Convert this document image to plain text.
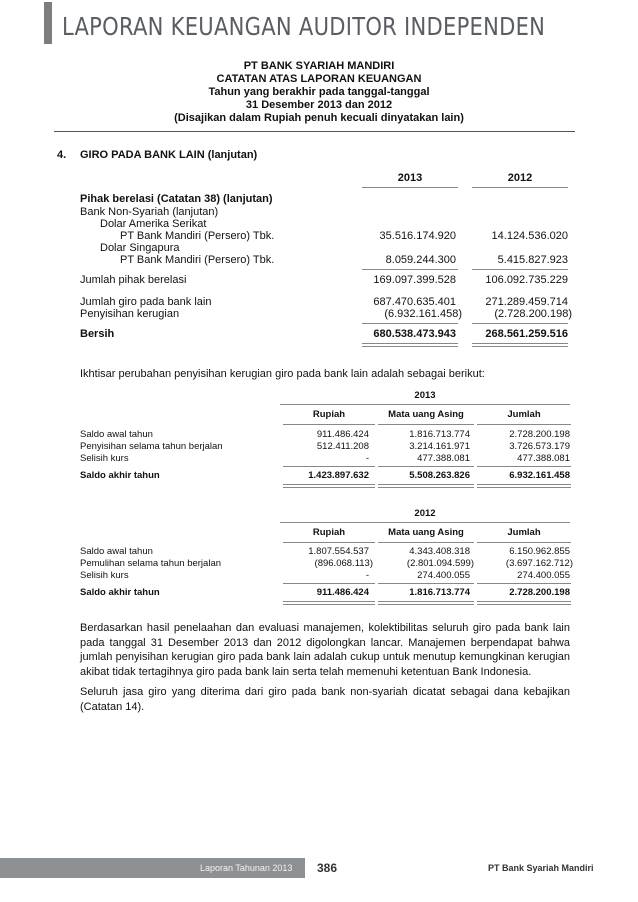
LAPORAN KEUANGAN AUDITOR INDEPENDEN
PT BANK SYARIAH MANDIRI
CATATAN ATAS LAPORAN KEUANGAN
Tahun yang berakhir pada tanggal-tanggal
31 Desember 2013 dan 2012
(Disajikan dalam Rupiah penuh kecuali dinyatakan lain)
4. GIRO PADA BANK LAIN (lanjutan)
2013	2012
Pihak berelasi (Catatan 38) (lanjutan)
Bank Non-Syariah (lanjutan)
Dolar Amerika Serikat
PT Bank Mandiri (Persero) Tbk.	35.516.174.920	14.124.536.020
Dolar Singapura
PT Bank Mandiri (Persero) Tbk.	8.059.244.300	5.415.827.923
Jumlah pihak berelasi	169.097.399.528	106.092.735.229
Jumlah giro pada bank lain	687.470.635.401	271.289.459.714
Penyisihan kerugian	(6.932.161.458)	(2.728.200.198)
Bersih	680.538.473.943	268.561.259.516
Ikhtisar perubahan penyisihan kerugian giro pada bank lain adalah sebagai berikut:
2013
Rupiah	Mata uang Asing	Jumlah
Saldo awal tahun	911.486.424	1.816.713.774	2.728.200.198
Penyisihan selama tahun berjalan	512.411.208	3.214.161.971	3.726.573.179
Selisih kurs	-	477.388.081	477.388.081
Saldo akhir tahun	1.423.897.632	5.508.263.826	6.932.161.458
2012
Rupiah	Mata uang Asing	Jumlah
Saldo awal tahun	1.807.554.537	4.343.408.318	6.150.962.855
Pemulihan selama tahun berjalan	(896.068.113)	(2.801.094.599)	(3.697.162.712)
Selisih kurs	-	274.400.055	274.400.055
Saldo akhir tahun	911.486.424	1.816.713.774	2.728.200.198
Berdasarkan hasil penelaahan dan evaluasi manajemen, kolektibilitas seluruh giro pada bank lain pada tanggal 31 Desember 2013 dan 2012 digolongkan lancar. Manajemen berpendapat bahwa jumlah penyisihan kerugian giro pada bank lain adalah cukup untuk menutup kemungkinan kerugian akibat tidak tertagihnya giro pada bank lain serta telah memenuhi ketentuan Bank Indonesia.
Seluruh jasa giro yang diterima dari giro pada bank non-syariah dicatat sebagai dana kebajikan (Catatan 14).
Laporan Tahunan 2013	386	PT Bank Syariah Mandiri
